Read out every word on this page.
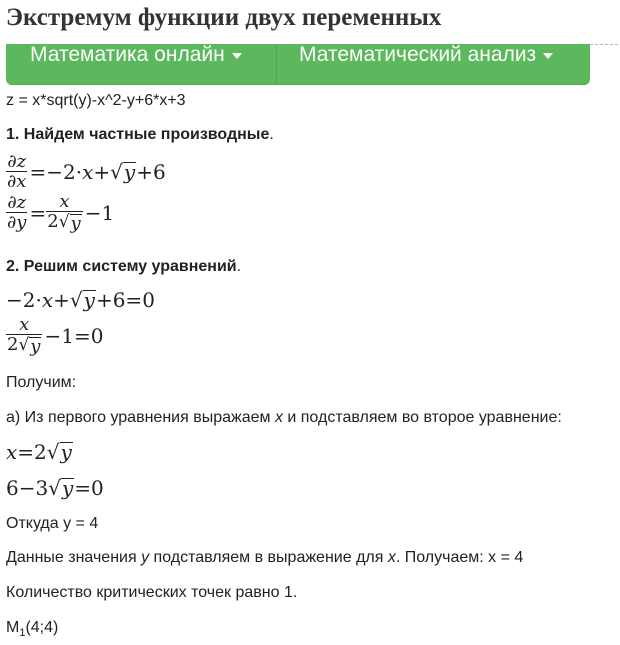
Экстремум функции двух переменных
Математика онлайн	Математический анализ
z = x*sqrt(y)-x^2-y+6*x+3
1. Найдем частные производные.
$\frac{\partial z}{\partial x} =-2\cdot x$ + √ y +6
$\frac{\partial z}{\partial y} = \frac{x}{2 √ y} -1$
2. Решим систему уравнений.
−2· x + √ y +6=0
$\frac{x}{2 √ y} -1=0$
Получим:
а) Из первого уравнения выражаем x и подставляем во второе уравнение:
x =2 √ y
6−3 √ y =0
Откуда y = 4
Данные значения y подставляем в выражение для x. Получаем: x = 4
Количество критических точек равно 1.
$M_1(4;4)$
